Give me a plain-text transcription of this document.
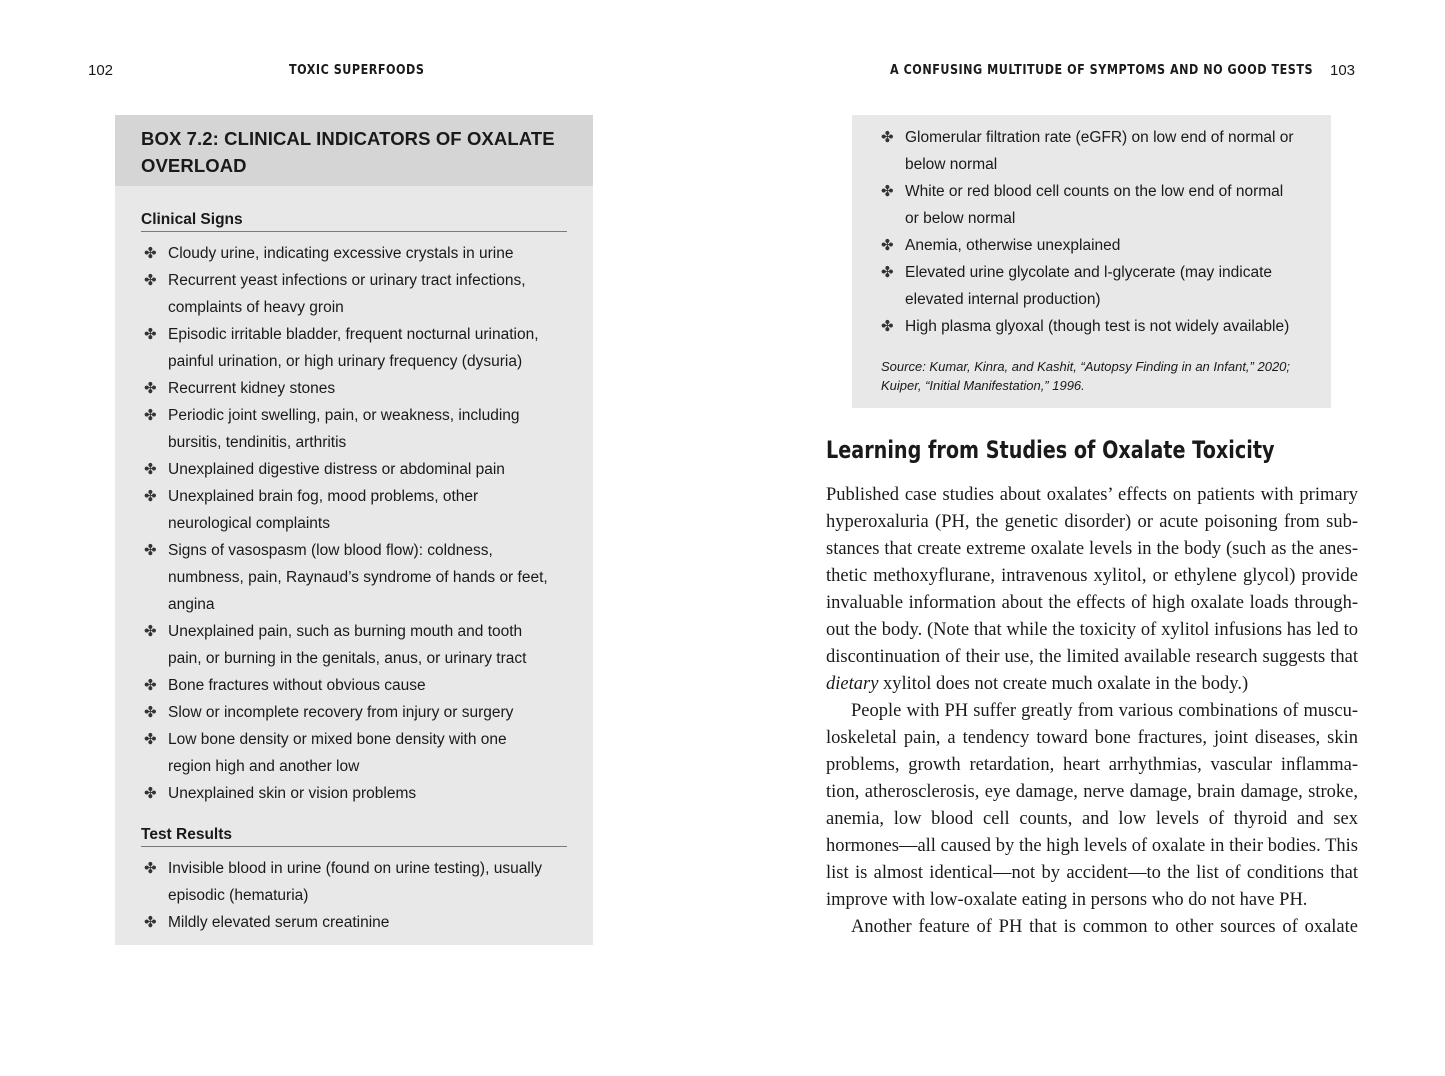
102	TOXIC SUPERFOODS	A CONFUSING MULTITUDE OF SYMPTOMS AND NO GOOD TESTS 103
BOX 7.2: CLINICAL INDICATORS OF OXALATE
OVERLOAD
Clinical Signs
✤ Cloudy urine, indicating excessive crystals in urine
✤ Recurrent yeast infections or urinary tract infections,
complaints of heavy groin
✤ Episodic irritable bladder, frequent nocturnal urination,
painful urination, or high urinary frequency (dysuria)
✤ Recurrent kidney stones
✤ Periodic joint swelling, pain, or weakness, including
bursitis, tendinitis, arthritis
✤ Unexplained digestive distress or abdominal pain
✤ Unexplained brain fog, mood problems, other
neurological complaints
✤ Signs of vasospasm (low blood flow): coldness,
numbness, pain, Raynaud’s syndrome of hands or feet,
angina
✤ Unexplained pain, such as burning mouth and tooth
pain, or burning in the genitals, anus, or urinary tract
✤ Bone fractures without obvious cause
✤ Slow or incomplete recovery from injury or surgery
✤ Low bone density or mixed bone density with one
region high and another low
✤ Unexplained skin or vision problems
Test Results
✤ Invisible blood in urine (found on urine testing), usually
episodic (hematuria)
✤ Mildly elevated serum creatinine
✤ Glomerular filtration rate (eGFR) on low end of normal or
below normal
✤ White or red blood cell counts on the low end of normal
or below normal
✤ Anemia, otherwise unexplained
✤ Elevated urine glycolate and l-glycerate (may indicate
elevated internal production)
✤ High plasma glyoxal (though test is not widely available)
Source: Kumar, Kinra, and Kashit, “Autopsy Finding in an Infant,” 2020;
Kuiper, “Initial Manifestation,” 1996.
Learning from Studies of Oxalate Toxicity

Published case studies about oxalates’ effects on patients with primary

hyperoxaluria (PH, the genetic disorder) or acute poisoning from sub-

stances that create extreme oxalate levels in the body (such as the anes-

thetic methoxyflurane, intravenous xylitol, or ethylene glycol) provide

invaluable information about the effects of high oxalate loads through-

out the body. (Note that while the toxicity of xylitol infusions has led to

discontinuation of their use, the limited available research suggests that

dietary xylitol does not create much oxalate in the body.)

People with PH suffer greatly from various combinations of muscu-

loskeletal pain, a tendency toward bone fractures, joint diseases, skin

problems, growth retardation, heart arrhythmias, vascular inflamma-

tion, atherosclerosis, eye damage, nerve damage, brain damage, stroke,

anemia, low blood cell counts, and low levels of thyroid and sex

hormones—all caused by the high levels of oxalate in their bodies. This

list is almost identical—not by accident—to the list of conditions that

improve with low-oxalate eating in persons who do not have PH.

Another feature of PH that is common to other sources of oxalate
